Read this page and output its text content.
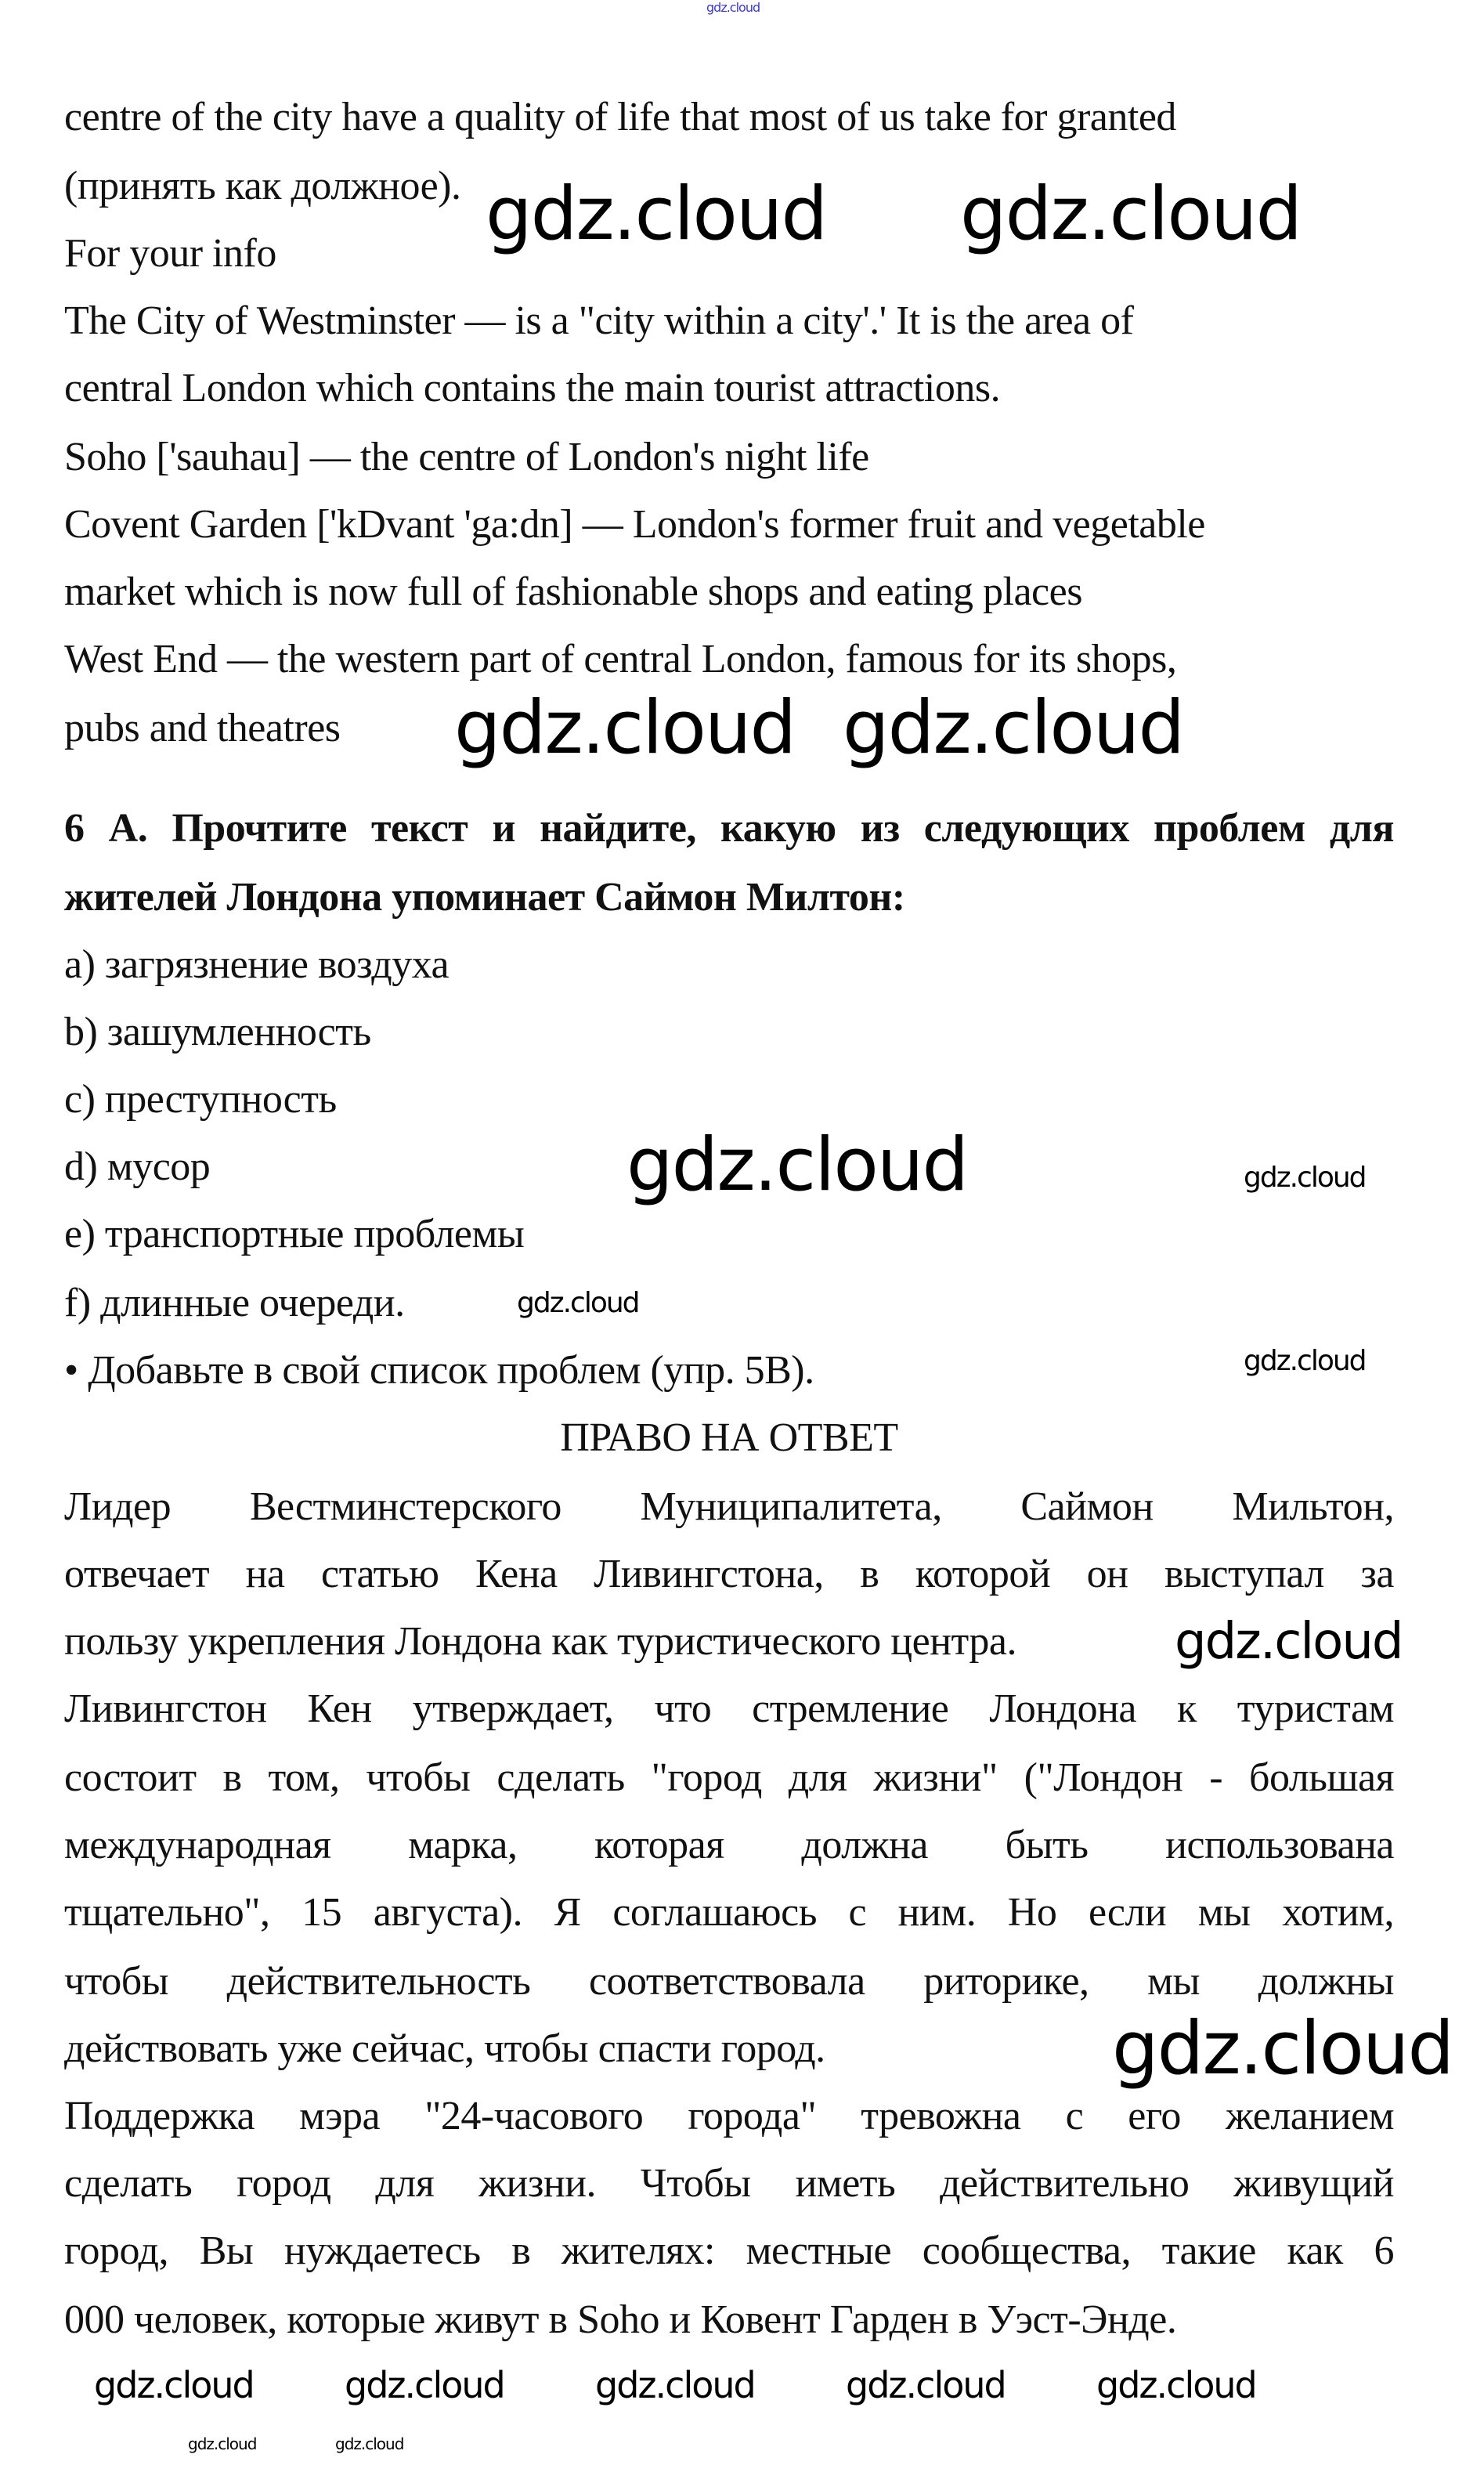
centre of the city have a quality of life that most of us take for granted
(принять как должное).
For your info
The City of Westminster — is a "city within a city'.' It is the area of
central London which contains the main tourist attractions.
Soho ['sauhau] — the centre of London's night life
Covent Garden ['kDvant 'ga:dn] — London's former fruit and vegetable
market which is now full of fashionable shops and eating places
West End — the western part of central London, famous for its shops,
pubs and theatres
6 А. Прочтите текст и найдите, какую из следующих проблем для
жителей Лондона упоминает Саймон Милтон:
a) загрязнение воздуха
b) зашумленность
c) преступность
d) мусор
e) транспортные проблемы
f) длинные очереди.
• Добавьте в свой список проблем (упр. 5В).
ПРАВО НА ОТВЕТ
Лидер Вестминстерского Муниципалитета, Саймон Мильтон,
отвечает на статью Кена Ливингстона, в которой он выступал за
пользу укрепления Лондона как туристического центра.
Ливингстон Кен утверждает, что стремление Лондона к туристам
состоит в том, чтобы сделать "город для жизни" ("Лондон - большая
международная марка, которая должна быть использована
тщательно", 15 августа). Я соглашаюсь с ним. Но если мы хотим,
чтобы действительность соответствовала риторике, мы должны
действовать уже сейчас, чтобы спасти город.
Поддержка мэра "24-часового города" тревожна с его желанием
сделать город для жизни. Чтобы иметь действительно живущий
город, Вы нуждаетесь в жителях: местные сообщества, такие как 6
000 человек, которые живут в Soho и Ковент Гарден в Уэст-Энде.
gdz.cloud
gdz.cloud gdz.cloud
gdz.cloud gdz.cloud
gdz.cloud	gdz.cloud
gdz.cloud
gdz.cloud
gdz.cloud
gdz.cloud
gdz.cloud	gdz.cloud	gdz.cloud	gdz.cloud	gdz.cloud
gdz.cloud	gdz.cloud
